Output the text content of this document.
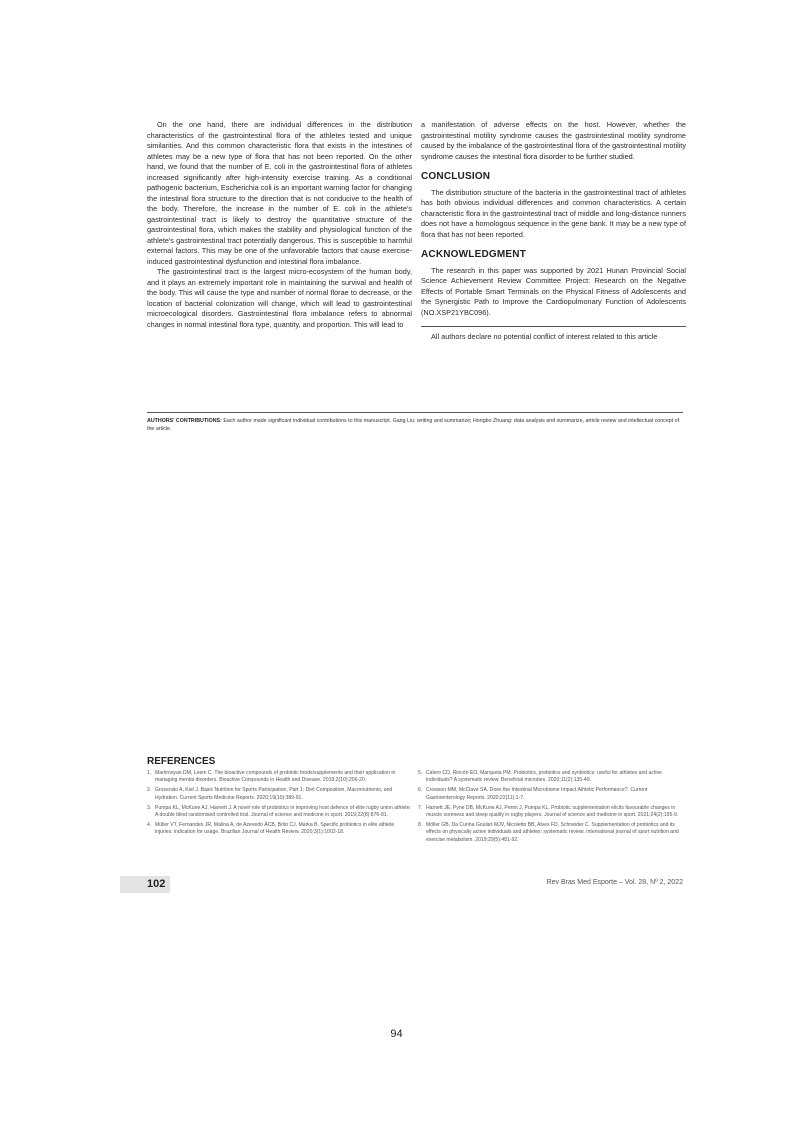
On the one hand, there are individual differences in the distribution characteristics of the gastrointestinal flora of the athletes tested and unique similarities. And this common characteristic flora that exists in the intestines of athletes may be a new type of flora that has not been reported. On the other hand, we found that the number of E. coli in the gastrointestinal flora of athletes increased significantly after high-intensity exercise training. As a conditional pathogenic bacterium, Escherichia coli is an important warning factor for changing the intestinal flora structure to the direction that is not conducive to the health of the body. Therefore, the increase in the number of E. coli in the athlete's gastrointestinal tract is likely to destroy the quantitative structure of the gastrointestinal flora, which makes the stability and physiological function of the athlete's gastrointestinal tract potentially dangerous. This is susceptible to harmful external factors. This may be one of the unfavorable factors that cause exercise-induced gastrointestinal dysfunction and intestinal flora imbalance.

The gastrointestinal tract is the largest micro-ecosystem of the human body, and it plays an extremely important role in maintaining the survival and health of the body. This will cause the type and number of normal florae to decrease, or the location of bacterial colonization will change, which will lead to gastrointestinal microecological disorders. Gastrointestinal flora imbalance refers to abnormal changes in normal intestinal flora type, quantity, and proportion. This will lead to

a manifestation of adverse effects on the host. However, whether the gastrointestinal motility syndrome causes the gastrointestinal motility syndrome caused by the imbalance of the gastrointestinal flora of the gastrointestinal motility syndrome causes the intestinal flora disorder to be further studied.

CONCLUSION

The distribution structure of the bacteria in the gastrointestinal tract of athletes has both obvious individual differences and common characteristics. A certain characteristic flora in the gastrointestinal tract of middle and long-distance runners does not have a homologous sequence in the gene bank. It may be a new type of flora that has not been reported.

ACKNOWLEDGMENT

The research in this paper was supported by 2021 Hunan Provincial Social Science Achievement Review Committee Project: Research on the Negative Effects of Portable Smart Terminals on the Physical Fitness of Adolescents and the Synergistic Path to Improve the Cardiopulmonary Function of Adolescents (NO.XSP21YBC096).

All authors declare no potential conflict of interest related to this article

AUTHORS' CONTRIBUTIONS: Each author made significant individual contributions to this manuscript. Gang Liu: writing and summarize; Hongbo Zhuang: data analysis and summarize, article review and intellectual concept of the article.
REFERENCES
1. Martirosyan DM, Leem C. The bioactive compounds of probiotic foods/supplements and their application in managing mental disorders. Bioactive Compounds in Health and Disease. 2019;2(10):206-20.
2. Grozenski A, Kiel J. Basic Nutrition for Sports Participation, Part 1: Diet Composition, Macronutrients, and Hydration. Current Sports Medicine Reports. 2020;19(10):389-91.
3. Pumpa KL, McKune AJ, Harnett J. A novel role of probiotics in improving host defence of elite rugby union athlete: A double blind randomised controlled trial. Journal of science and medicine in sport. 2019;22(8):876-81.
4. Müller VT, Fernandes JR, Malina A, de Azevedo ÂCB, Brito CJ, Marka B. Specific probiotics in elite athlete injuries: indication for usage. Brazilian Journal of Health Review. 2020;3(1):1002-18.
5. Calero CD, Rincón EO, Marqueta PM. Probiotics, prebiotics and synbiotics: useful for athletes and active individuals? A systematic review. Beneficial microbes. 2020;11(2):135-49.
6. Crowson MM, McClave SA. Does the Intestinal Microbiome Impact Athletic Performance?. Current Gastroenterology Reports. 2020;22(11):1-7.
7. Harnett JE, Pyne DB, McKune AJ, Penm J, Pumpa KL. Probiotic supplementation elicits favourable changes in muscle soreness and sleep quality in rugby players. Journal of science and medicine in sport. 2021;24(2):195-9.
8. Möller GB, Da Cunha Goulart MJV, Nicoletto BB, Alves FD, Schneider C. Supplementation of probiotics and its effects on physically active individuals and athletes: systematic review. International journal of sport nutrition and exercise metabolism. 2019;29(5):481-92.
102	Rev Bras Med Esporte – Vol. 28, Nº 2, 2022
94
